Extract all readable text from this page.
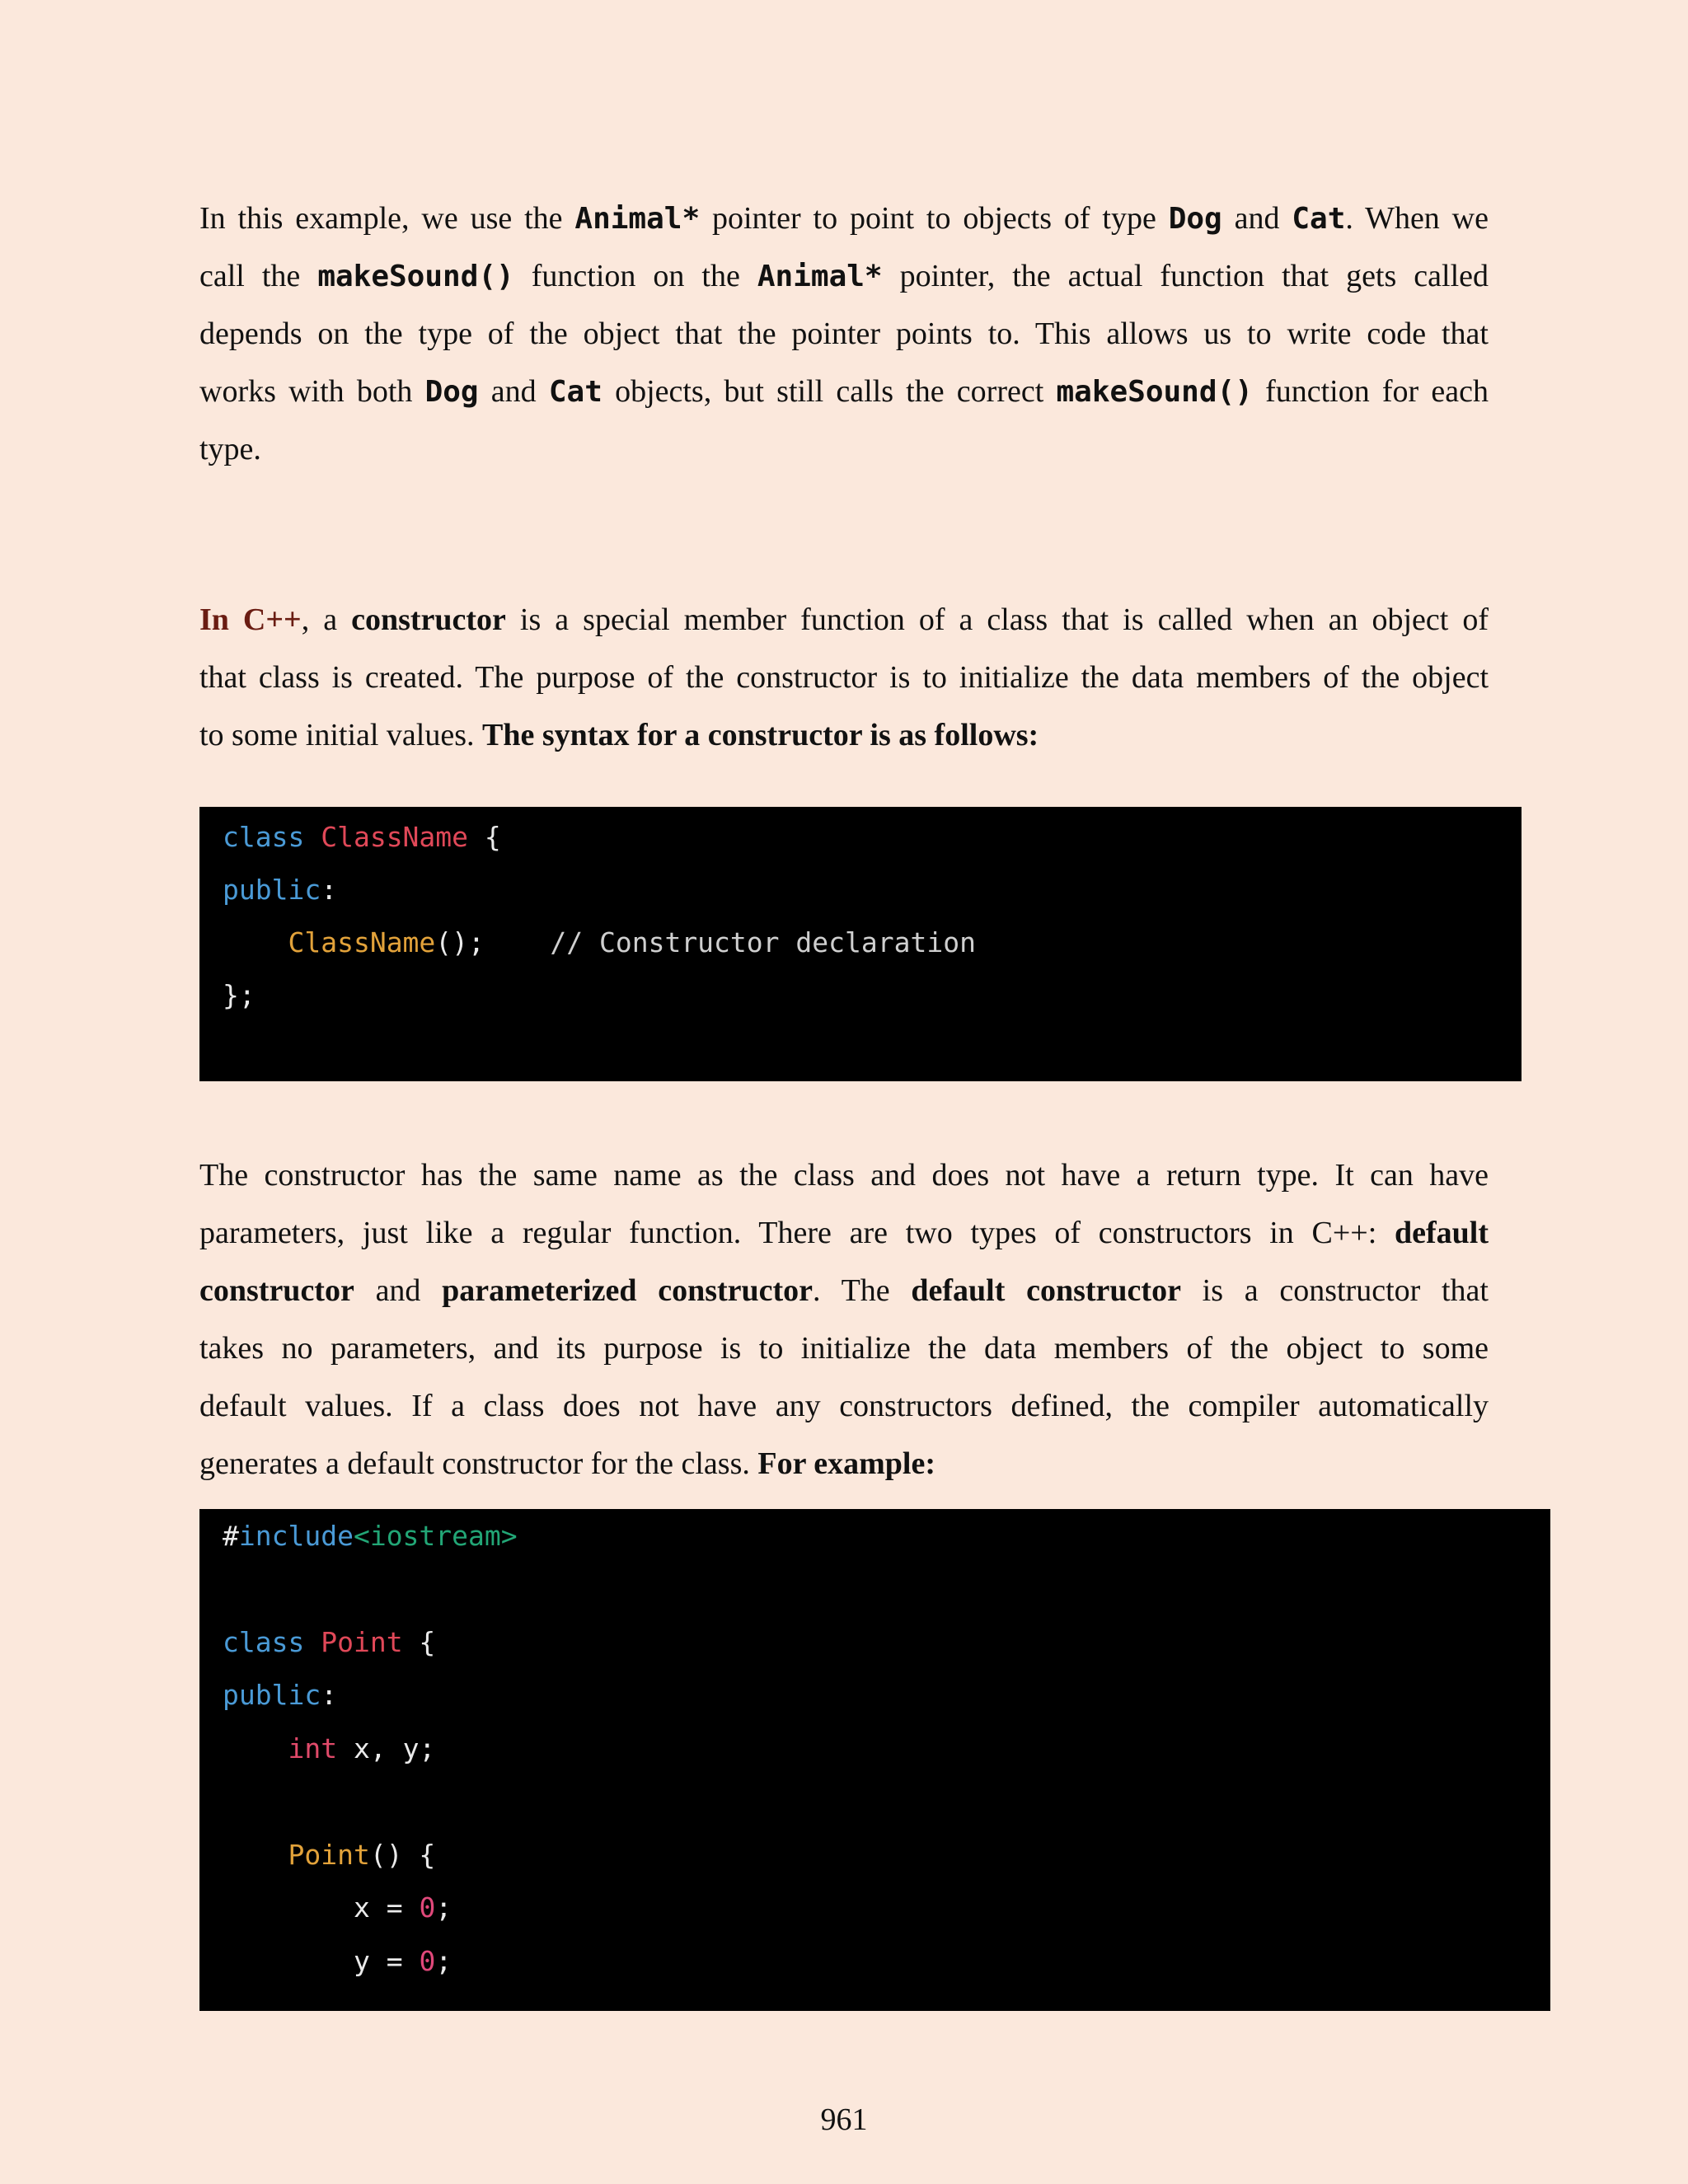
In this example, we use the Animal* pointer to point to objects of type Dog and Cat. When we
call the makeSound() function on the Animal* pointer, the actual function that gets called
depends on the type of the object that the pointer points to. This allows us to write code that
works with both Dog and Cat objects, but still calls the correct makeSound() function for each
type.
In C++, a constructor is a special member function of a class that is called when an object of
that class is created. The purpose of the constructor is to initialize the data members of the object
to some initial values. The syntax for a constructor is as follows:
class ClassName {
public:
ClassName();    // Constructor declaration
};
The constructor has the same name as the class and does not have a return type. It can have
parameters, just like a regular function. There are two types of constructors in C++: default
constructor and parameterized constructor. The default constructor is a constructor that
takes no parameters, and its purpose is to initialize the data members of the object to some
default values. If a class does not have any constructors defined, the compiler automatically
generates a default constructor for the class. For example:
#include<iostream>
class Point {
public:
int x, y;
Point() {
x = 0;
y = 0;
961
